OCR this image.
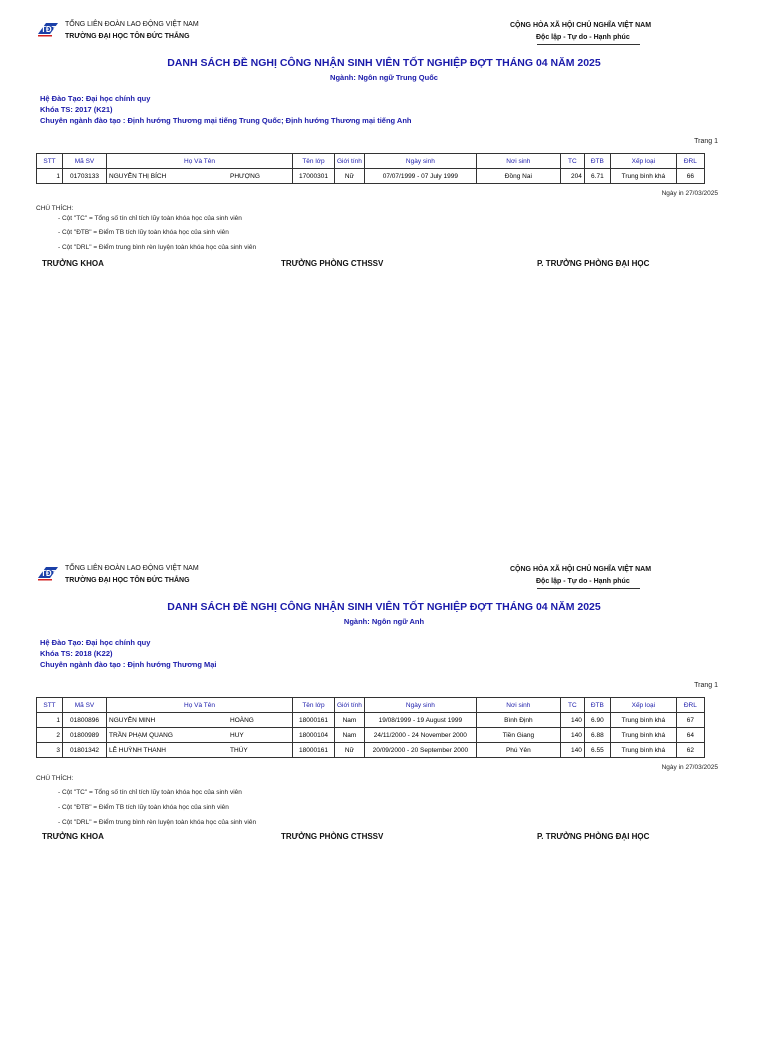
TĐT
TỔNG LIÊN ĐOÀN LAO ĐỘNG VIỆT NAM
TRƯỜNG ĐẠI HỌC TÔN ĐỨC THẮNG
CỘNG HÒA XÃ HỘI CHỦ NGHĨA VIỆT NAM
Độc lập - Tự do - Hạnh phúc
DANH SÁCH ĐỀ NGHỊ CÔNG NHẬN SINH VIÊN TỐT NGHIỆP ĐỢT THÁNG 04 NĂM 2025
Ngành: Ngôn ngữ Trung Quốc
Hệ Đào Tạo: Đại học chính quy
Khóa TS: 2017 (K21)
Chuyên ngành đào tạo : Định hướng Thương mại tiếng Trung Quốc; Định hướng Thương mại tiếng Anh
Trang 1
STT	Mã SV	Họ Và Tên	Tên lớp	Giới tính	Ngày sinh	Nơi sinh	TC	ĐTB	Xếp loại	ĐRL
1	01703133	NGUYỄN THỊ BÍCH PHƯỢNG	17000301	Nữ	07/07/1999 - 07 July 1999	Đồng Nai	204	6.71	Trung bình khá	66
Ngày in 27/03/2025
CHÚ THÍCH:
- Cột "TC" = Tổng số tín chỉ tích lũy toàn khóa học của sinh viên
- Cột "ĐTB" = Điểm TB tích lũy toàn khóa học của sinh viên
- Cột "DRL" = Điểm trung bình rèn luyện toàn khóa học của sinh viên
TRƯỞNG KHOA	TRƯỞNG PHÒNG CTHSSV	P. TRƯỞNG PHÒNG ĐẠI HỌC
TĐT
TỔNG LIÊN ĐOÀN LAO ĐỘNG VIỆT NAM
TRƯỜNG ĐẠI HỌC TÔN ĐỨC THẮNG
CỘNG HÒA XÃ HỘI CHỦ NGHĨA VIỆT NAM
Độc lập - Tự do - Hạnh phúc
DANH SÁCH ĐỀ NGHỊ CÔNG NHẬN SINH VIÊN TỐT NGHIỆP ĐỢT THÁNG 04 NĂM 2025
Ngành: Ngôn ngữ Anh
Hệ Đào Tạo: Đại học chính quy
Khóa TS: 2018 (K22)
Chuyên ngành đào tạo : Định hướng Thương Mại
Trang 1
STT	Mã SV	Họ Và Tên	Tên lớp	Giới tính	Ngày sinh	Nơi sinh	TC	ĐTB	Xếp loại	ĐRL
1	01800896	NGUYỄN MINH HOÀNG	18000161	Nam	19/08/1999 - 19 August 1999	Bình Định	140	6.90	Trung bình khá	67
2	01800989	TRẦN PHẠM QUANG HUY	18000104	Nam	24/11/2000 - 24 November 2000	Tiền Giang	140	6.88	Trung bình khá	64
3	01801342	LÊ HUỲNH THANH THÚY	18000161	Nữ	20/09/2000 - 20 September 2000	Phú Yên	140	6.55	Trung bình khá	62
Ngày in 27/03/2025
CHÚ THÍCH:
- Cột "TC" = Tổng số tín chỉ tích lũy toàn khóa học của sinh viên
- Cột "ĐTB" = Điểm TB tích lũy toàn khóa học của sinh viên
- Cột "DRL" = Điểm trung bình rèn luyện toàn khóa học của sinh viên
TRƯỞNG KHOA	TRƯỞNG PHÒNG CTHSSV	P. TRƯỞNG PHÒNG ĐẠI HỌC
